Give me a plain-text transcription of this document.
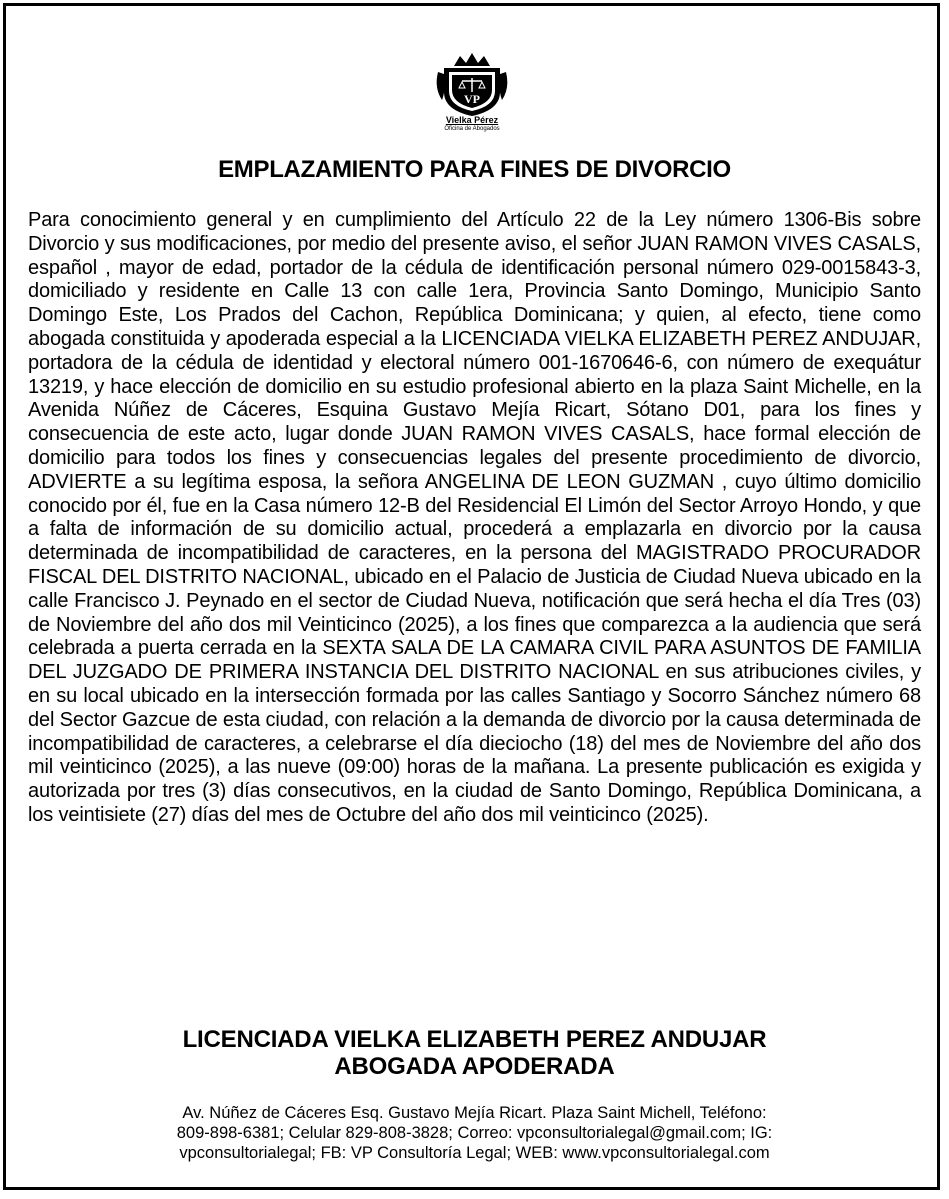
VP
Vielka Pérez
Oficina de Abogados
EMPLAZAMIENTO PARA FINES DE DIVORCIO

Para conocimiento general y en cumplimiento del Artículo 22 de la Ley número 1306-Bis sobre Divorcio y sus modificaciones, por medio del presente aviso, el señor JUAN RAMON VIVES CASALS, español , mayor de edad, portador de la cédula de identificación personal número 029-0015843-3, domiciliado y residente en Calle 13 con calle 1era, Provincia Santo Domingo, Municipio Santo Domingo Este, Los Prados del Cachon, República Dominicana; y quien, al efecto, tiene como abogada constituida y apoderada especial a la LICENCIADA VIELKA ELIZABETH PEREZ ANDUJAR, portadora de la cédula de identidad y electoral número 001-1670646-6, con número de exequátur 13219, y hace elección de domicilio en su estudio profesional abierto en la plaza Saint Michelle, en la Avenida Núñez de Cáceres, Esquina Gustavo Mejía Ricart, Sótano D01, para los fines y consecuencia de este acto, lugar donde JUAN RAMON VIVES CASALS, hace formal elección de domicilio para todos los fines y consecuencias legales del presente procedimiento de divorcio, ADVIERTE a su legítima esposa, la señora ANGELINA DE LEON GUZMAN , cuyo último domicilio conocido por él, fue en la Casa número 12-B del Residencial El Limón del Sector Arroyo Hondo, y que a falta de información de su domicilio actual, procederá a emplazarla en divorcio por la causa determinada de incompatibilidad de caracteres, en la persona del MAGISTRADO PROCURADOR FISCAL DEL DISTRITO NACIONAL, ubicado en el Palacio de Justicia de Ciudad Nueva ubicado en la calle Francisco J. Peynado en el sector de Ciudad Nueva, notificación que será hecha el día Tres (03) de Noviembre del año dos mil Veinticinco (2025), a los fines que comparezca a la audiencia que será celebrada a puerta cerrada en la SEXTA SALA DE LA CAMARA CIVIL PARA ASUNTOS DE FAMILIA DEL JUZGADO DE PRIMERA INSTANCIA DEL DISTRITO NACIONAL en sus atribuciones civiles, y en su local ubicado en la intersección formada por las calles Santiago y Socorro Sánchez número 68 del Sector Gazcue de esta ciudad, con relación a la demanda de divorcio por la causa determinada de incompatibilidad de caracteres, a celebrarse el día dieciocho (18) del mes de Noviembre del año dos mil veinticinco (2025), a las nueve (09:00) horas de la mañana. La presente publicación es exigida y autorizada por tres (3) días consecutivos, en la ciudad de Santo Domingo, República Dominicana, a los veintisiete (27) días del mes de Octubre del año dos mil veinticinco (2025).

LICENCIADA VIELKA ELIZABETH PEREZ ANDUJAR
ABOGADA APODERADA
Av. Núñez de Cáceres Esq. Gustavo Mejía Ricart. Plaza Saint Michell, Teléfono:
809-898-6381; Celular 829-808-3828; Correo: vpconsultorialegal@gmail.com; IG:
vpconsultorialegal; FB: VP Consultoría Legal; WEB: www.vpconsultorialegal.com
